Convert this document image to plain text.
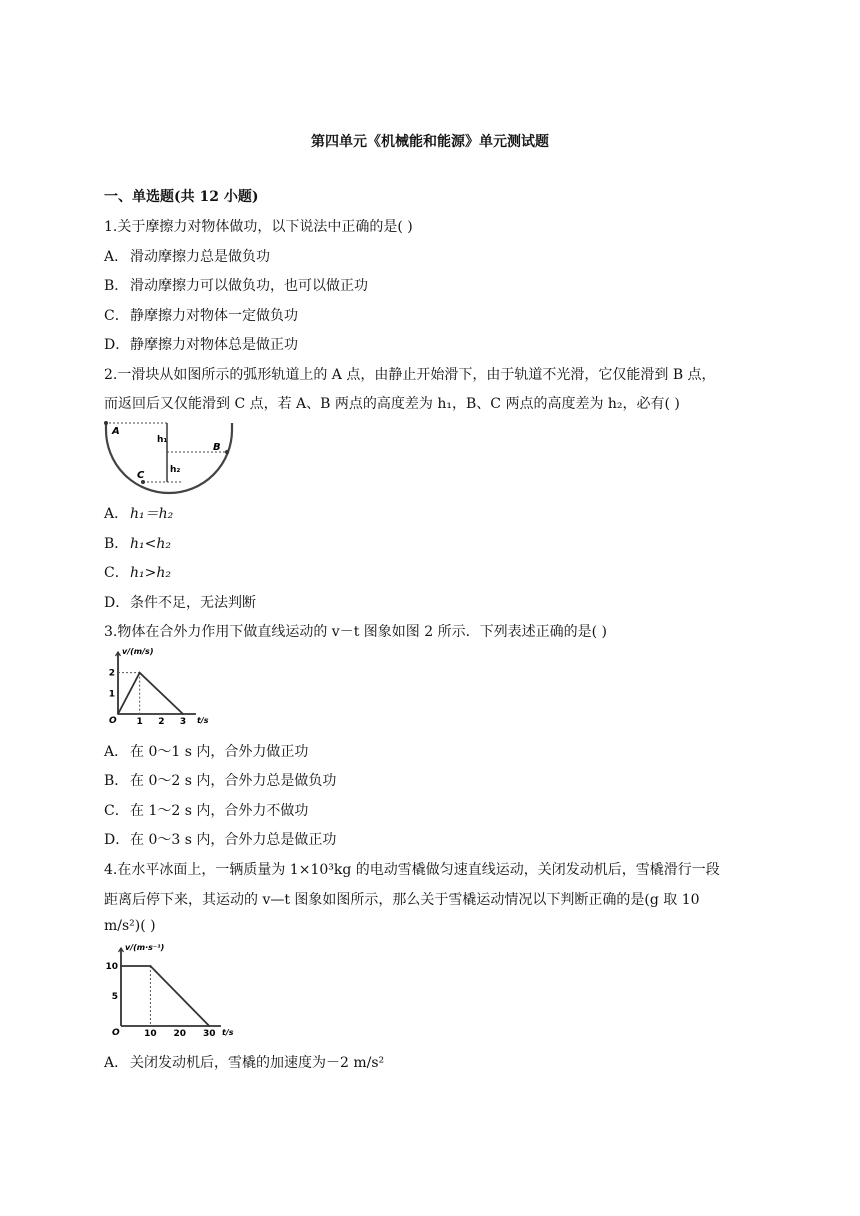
第四单元《机械能和能源》单元测试题
一、单选题(共 12 小题)
1.关于摩擦力对物体做功，以下说法中正确的是( )
A． 滑动摩擦力总是做负功
B． 滑动摩擦力可以做负功，也可以做正功
C．静摩擦力对物体一定做负功
D．静摩擦力对物体总是做正功
2.一滑块从如图所示的弧形轨道上的 A 点，由静止开始滑下，由于轨道不光滑，它仅能滑到 B 点，
而返回后又仅能滑到 C 点，若 A、B 两点的高度差为 h₁，B、C 两点的高度差为 h₂，必有( )
A
B
C
h₁
h₂
A． h₁＝h₂
B． h₁<h₂
C．h₁>h₂
D．条件不足，无法判断
3.物体在合外力作用下做直线运动的 v－t 图象如图 2 所示．下列表述正确的是( )
v/(m/s)
t/s
O 1 2 3
1
2
A． 在 0～1 s 内，合外力做正功
B． 在 0～2 s 内，合外力总是做负功
C．在 1～2 s 内，合外力不做功
D．在 0～3 s 内，合外力总是做正功
4.在水平冰面上，一辆质量为 1×10³kg 的电动雪橇做匀速直线运动，关闭发动机后，雪橇滑行一段
距离后停下来，其运动的 v—t 图象如图所示，那么关于雪橇运动情况以下判断正确的是(g 取 10
m/s²)( )
v/(m·s⁻¹)
t/s
O	10 20 30
5
10
A． 关闭发动机后，雪橇的加速度为－2 m/s²
